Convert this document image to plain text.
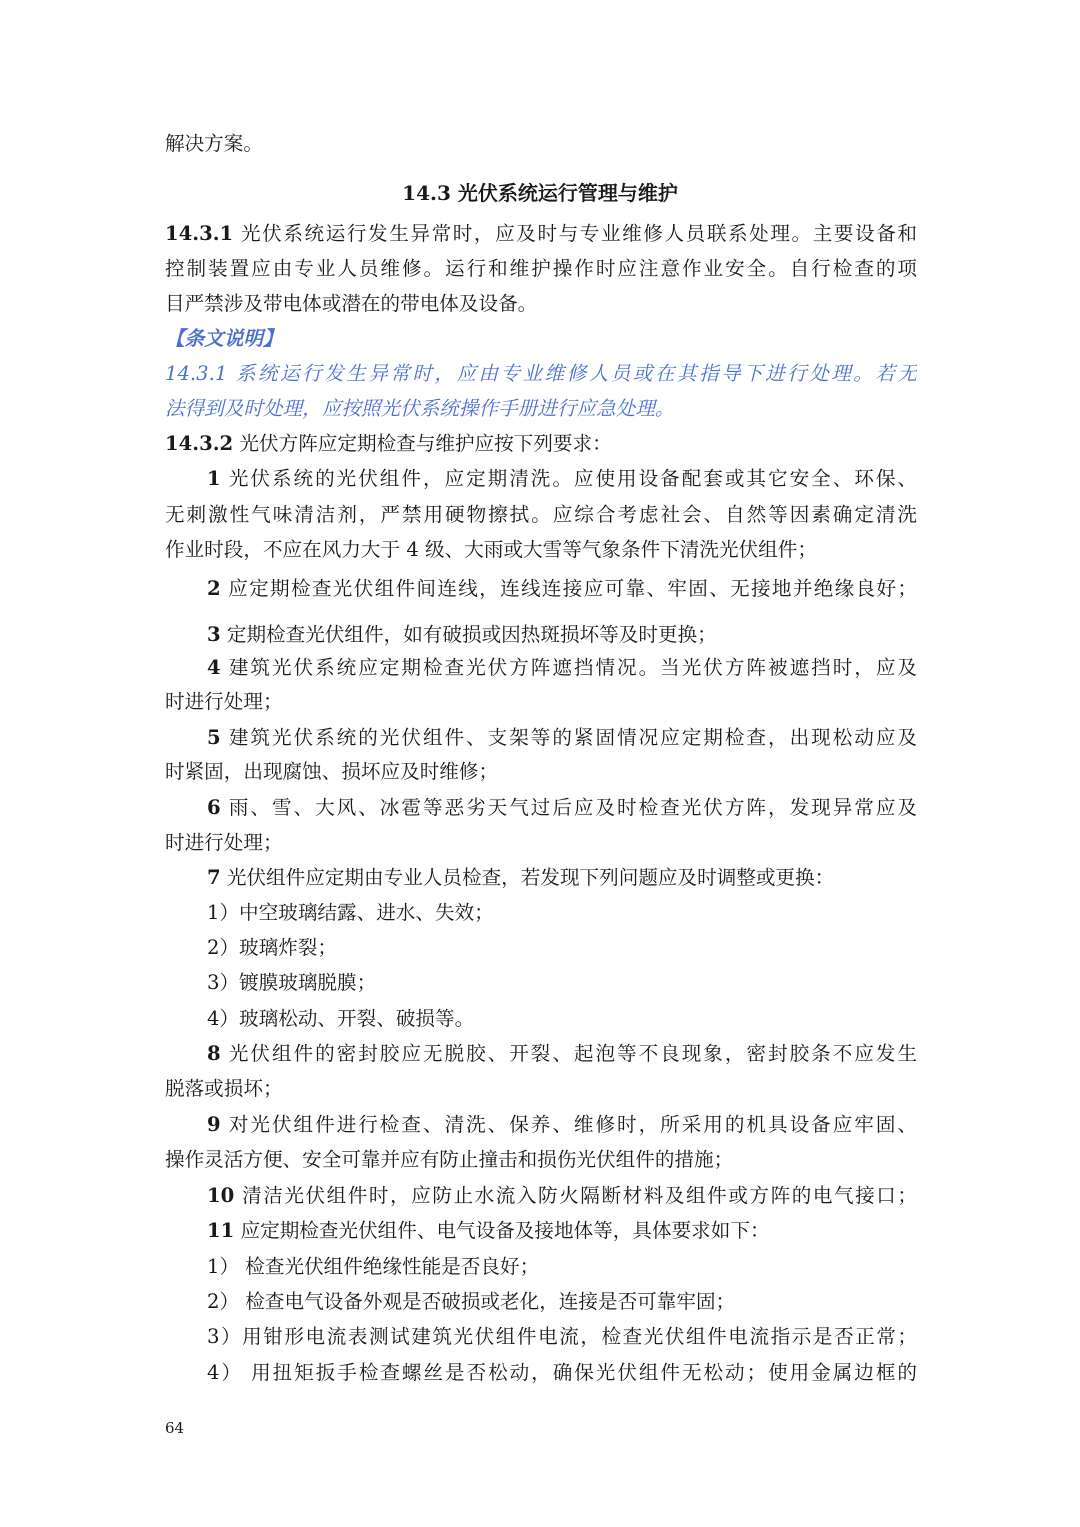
解决方案。
14.3 光伏系统运行管理与维护
14.3.1 光伏系统运行发生异常时，应及时与专业维修人员联系处理。主要设备和
控制装置应由专业人员维修。运行和维护操作时应注意作业安全。自行检查的项
目严禁涉及带电体或潜在的带电体及设备。
【条文说明】
14.3.1 系统运行发生异常时，应由专业维修人员或在其指导下进行处理。若无
法得到及时处理，应按照光伏系统操作手册进行应急处理。
14.3.2 光伏方阵应定期检查与维护应按下列要求：
1 光伏系统的光伏组件，应定期清洗。应使用设备配套或其它安全、环保、
无刺激性气味清洁剂，严禁用硬物擦拭。应综合考虑社会、自然等因素确定清洗
作业时段，不应在风力大于 4 级、大雨或大雪等气象条件下清洗光伏组件；
2 应定期检查光伏组件间连线，连线连接应可靠、牢固、无接地并绝缘良好；
3 定期检查光伏组件，如有破损或因热斑损坏等及时更换；
4 建筑光伏系统应定期检查光伏方阵遮挡情况。当光伏方阵被遮挡时，应及
时进行处理；
5 建筑光伏系统的光伏组件、支架等的紧固情况应定期检查，出现松动应及
时紧固，出现腐蚀、损坏应及时维修；
6 雨、雪、大风、冰雹等恶劣天气过后应及时检查光伏方阵，发现异常应及
时进行处理；
7 光伏组件应定期由专业人员检查，若发现下列问题应及时调整或更换：
1）中空玻璃结露、进水、失效；
2）玻璃炸裂；
3）镀膜玻璃脱膜；
4）玻璃松动、开裂、破损等。
8 光伏组件的密封胶应无脱胶、开裂、起泡等不良现象，密封胶条不应发生
脱落或损坏；
9 对光伏组件进行检查、清洗、保养、维修时，所采用的机具设备应牢固、
操作灵活方便、安全可靠并应有防止撞击和损伤光伏组件的措施；
10 清洁光伏组件时，应防止水流入防火隔断材料及组件或方阵的电气接口；
11 应定期检查光伏组件、电气设备及接地体等，具体要求如下：
1） 检查光伏组件绝缘性能是否良好；
2） 检查电气设备外观是否破损或老化，连接是否可靠牢固；
3）用钳形电流表测试建筑光伏组件电流，检查光伏组件电流指示是否正常；
4） 用扭矩扳手检查螺丝是否松动，确保光伏组件无松动；使用金属边框的
64
